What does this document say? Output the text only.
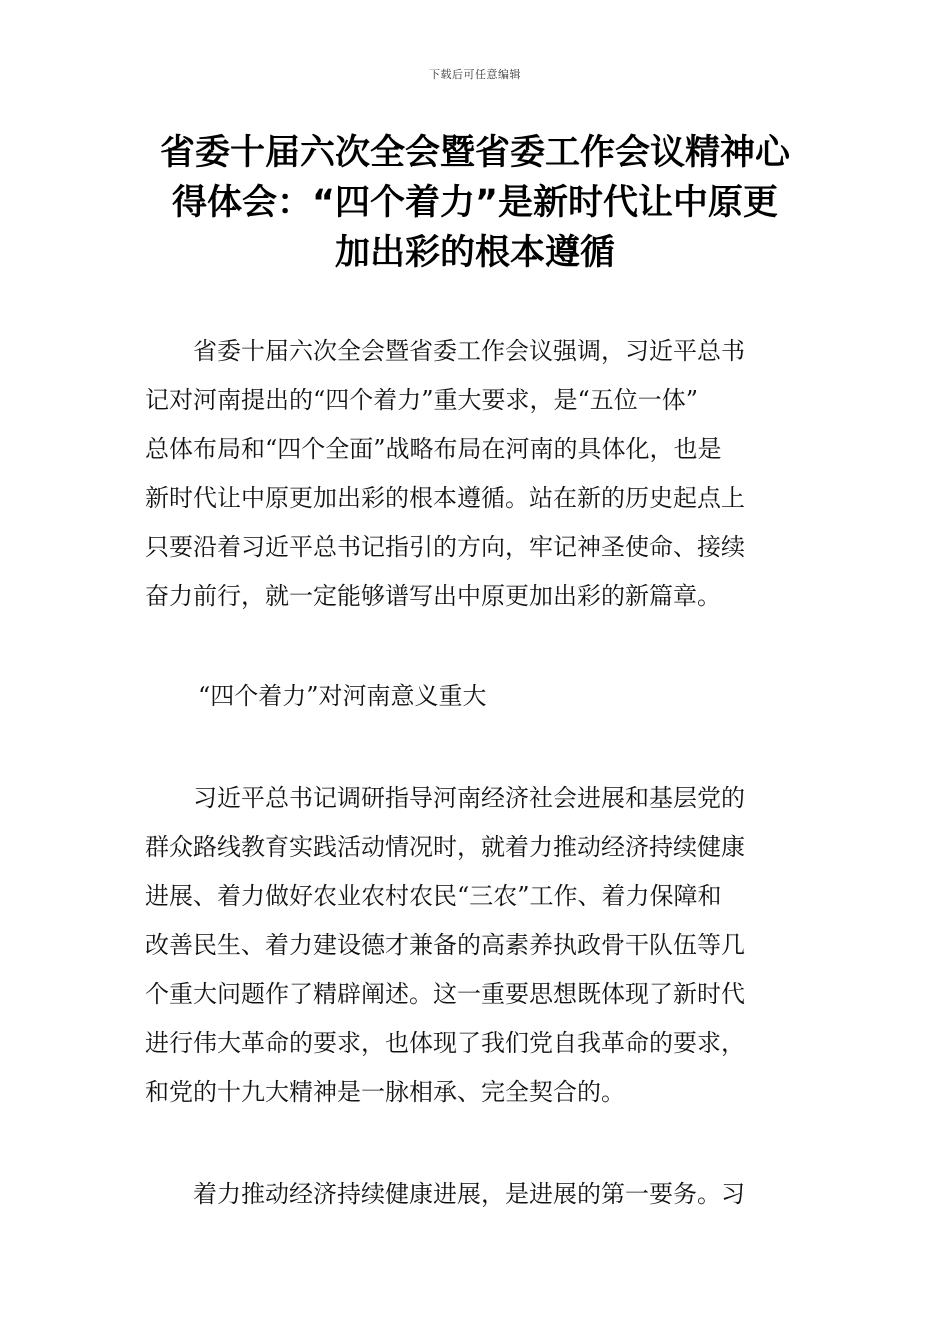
下载后可任意编辑
省委十届六次全会暨省委工作会议精神心
得体会：“四个着力”是新时代让中原更
加出彩的根本遵循
　　省委十届六次全会暨省委工作会议强调，习近平总书
记对河南提出的“四个着力”重大要求，是“五位一体”
总体布局和“四个全面”战略布局在河南的具体化，也是
新时代让中原更加出彩的根本遵循。站在新的历史起点上
只要沿着习近平总书记指引的方向，牢记神圣使命、接续
奋力前行，就一定能够谱写出中原更加出彩的新篇章。
“四个着力”对河南意义重大
　　习近平总书记调研指导河南经济社会进展和基层党的
群众路线教育实践活动情况时，就着力推动经济持续健康
进展、着力做好农业农村农民“三农”工作、着力保障和
改善民生、着力建设德才兼备的高素养执政骨干队伍等几
个重大问题作了精辟阐述。这一重要思想既体现了新时代
进行伟大革命的要求，也体现了我们党自我革命的要求，
和党的十九大精神是一脉相承、完全契合的。
　　着力推动经济持续健康进展，是进展的第一要务。习
